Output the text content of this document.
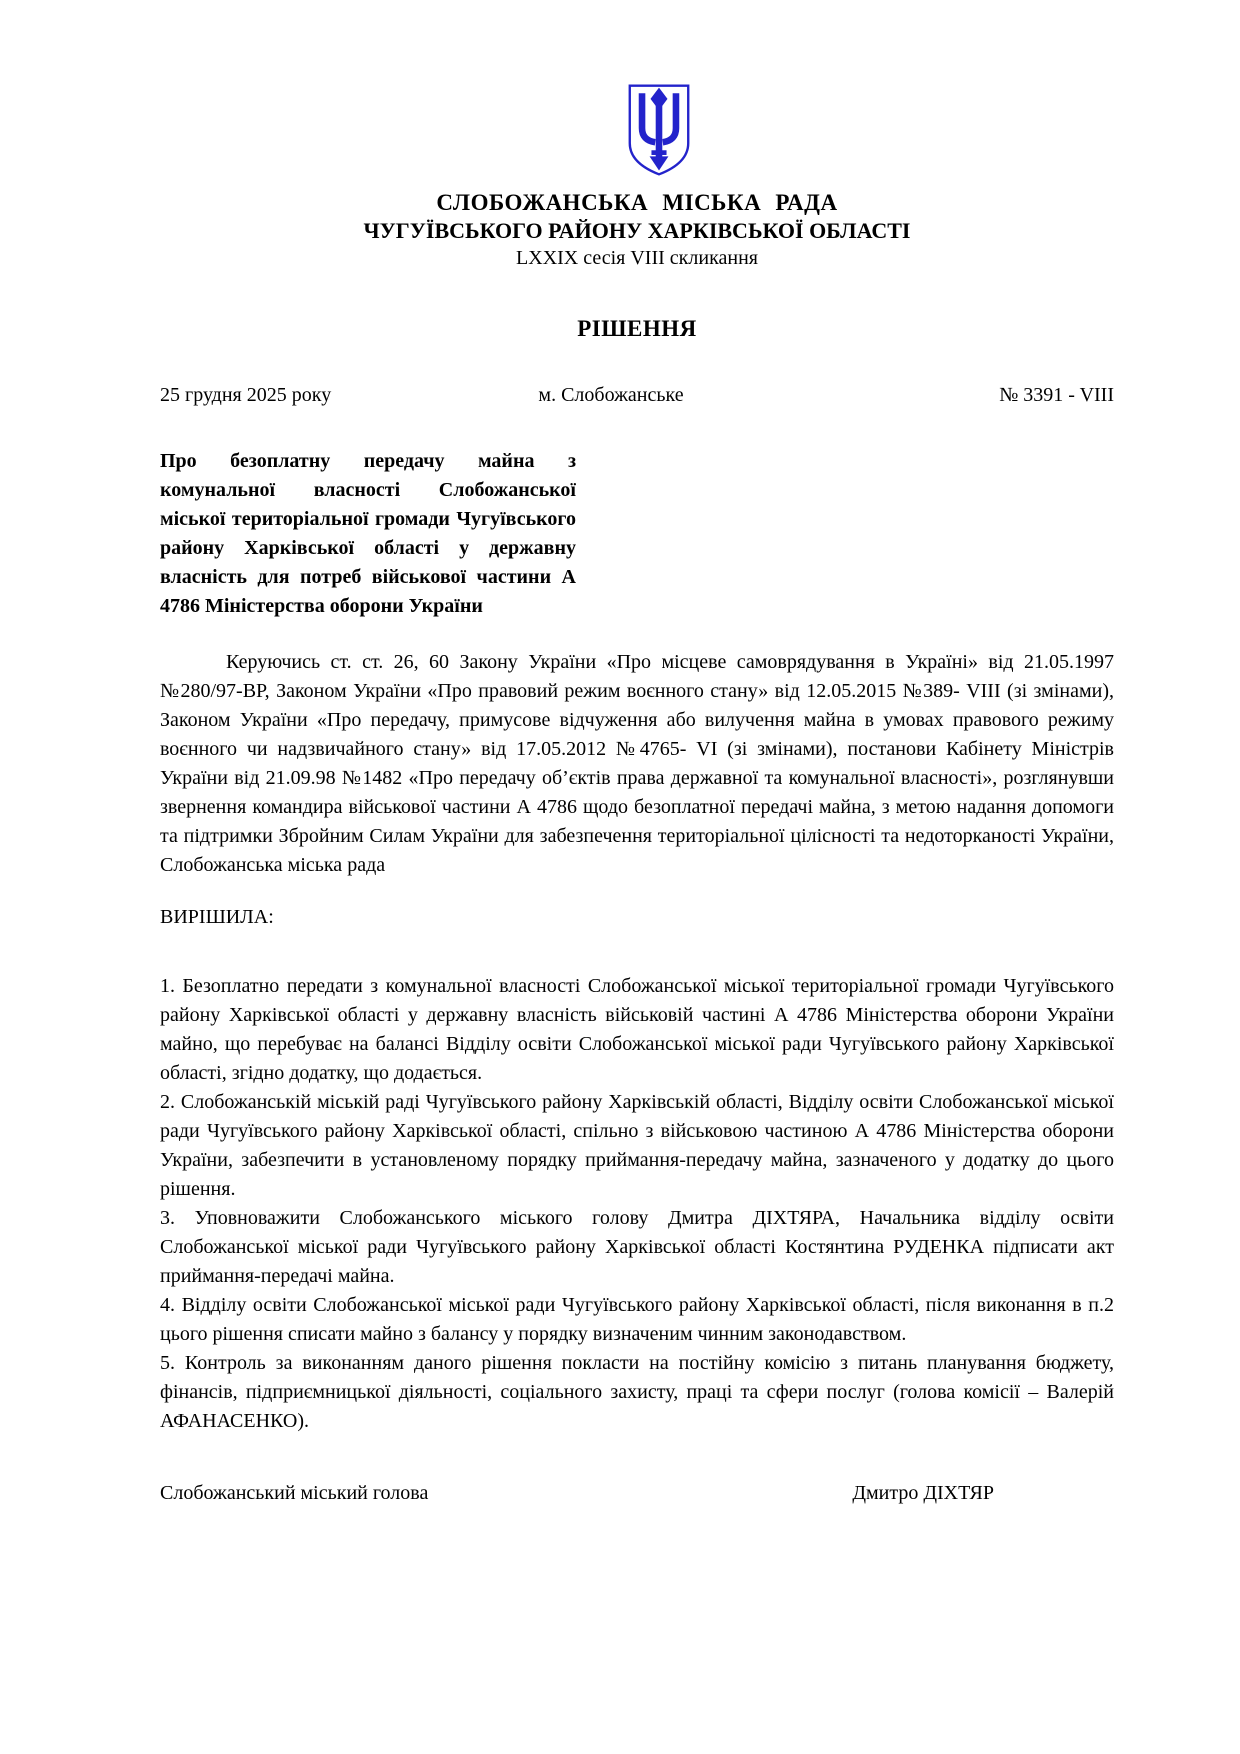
СЛОБОЖАНСЬКА МІСЬКА РАДА
ЧУГУЇВСЬКОГО РАЙОНУ ХАРКІВСЬКОЇ ОБЛАСТІ
LXXIX сесія VIII скликання
РІШЕННЯ
25 грудня 2025 року	м. Слобожанське	№ 3391 - VIII
Про безоплатну передачу майна з комунальної власності Слобожанської міської територіальної громади Чугуївського району Харківської області у державну власність для потреб військової частини А 4786 Міністерства оборони України

Керуючись ст. ст. 26, 60 Закону України «Про місцеве самоврядування в Україні» від 21.05.1997 №280/97-ВР, Законом України «Про правовий режим воєнного стану» від 12.05.2015 №389- VIII (зі змінами), Законом України «Про передачу, примусове відчуження або вилучення майна в умовах правового режиму воєнного чи надзвичайного стану» від 17.05.2012 №4765- VI (зі змінами), постанови Кабінету Міністрів України від 21.09.98 №1482 «Про передачу об’єктів права державної та комунальної власності», розглянувши звернення командира військової частини А 4786 щодо безоплатної передачі майна, з метою надання допомоги та підтримки Збройним Силам України для забезпечення територіальної цілісності та недоторканості України, Слобожанська міська рада

ВИРІШИЛА:

1. Безоплатно передати з комунальної власності Слобожанської міської територіальної громади Чугуївського району Харківської області у державну власність військовій частині А 4786 Міністерства оборони України майно, що перебуває на балансі Відділу освіти Слобожанської міської ради Чугуївського району Харківської області, згідно додатку, що додається.

2. Слобожанській міській раді Чугуївського району Харківській області, Відділу освіти Слобожанської міської ради Чугуївського району Харківської області, спільно з військовою частиною А 4786 Міністерства оборони України, забезпечити в установленому порядку приймання-передачу майна, зазначеного у додатку до цього рішення.

3. Уповноважити Слобожанського міського голову Дмитра ДІХТЯРА, Начальника відділу освіти Слобожанської міської ради Чугуївського району Харківської області Костянтина РУДЕНКА підписати акт приймання-передачі майна.

4. Відділу освіти Слобожанської міської ради Чугуївського району Харківської області, після виконання в п.2 цього рішення списати майно з балансу у порядку визначеним чинним законодавством.

5. Контроль за виконанням даного рішення покласти на постійну комісію з питань планування бюджету, фінансів, підприємницької діяльності, соціального захисту, праці та сфери послуг (голова комісії – Валерій АФАНАСЕНКО).

Слобожанський міський голова	Дмитро ДІХТЯР
